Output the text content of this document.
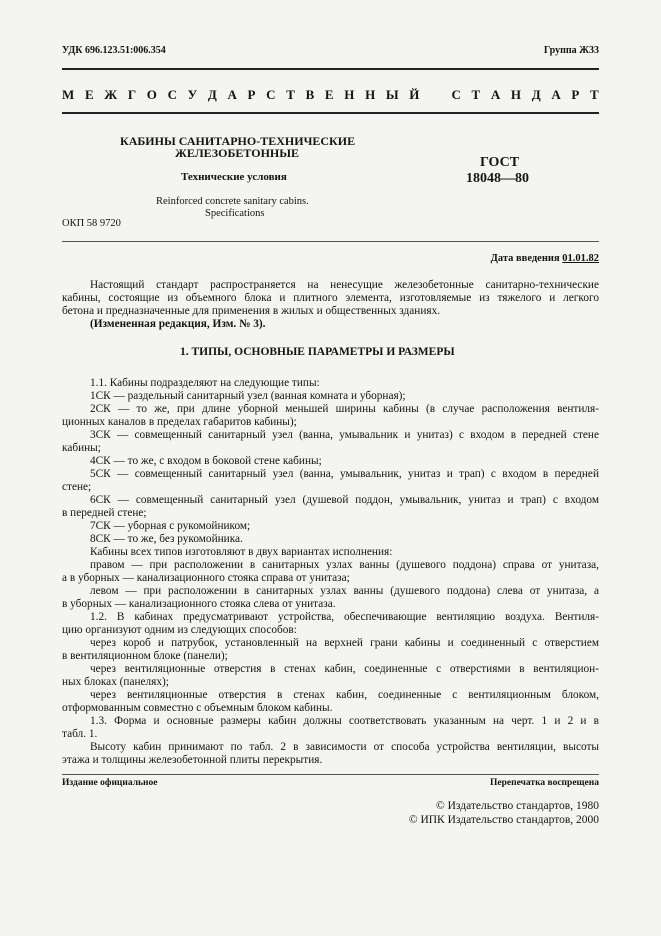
УДК 696.123.51:006.354	Группа Ж33
М Е Ж Г О С У Д А Р С Т В Е Н Н Ы Й С Т А Н Д А Р Т
КАБИНЫ САНИТАРНО-ТЕХНИЧЕСКИЕ
ЖЕЛЕЗОБЕТОННЫЕ
Технические условия
Reinforced concrete sanitary cabins.
Specifications
ОКП 58 9720
ГОСТ
18048—80
Дата введения 01.01.82
Настоящий стандарт распространяется на ненесущие железобетонные санитарно-технические
кабины, состоящие из объемного блока и плитного элемента, изготовляемые из тяжелого и легкого
бетона и предназначенные для применения в жилых и общественных зданиях.
(Измененная редакция, Изм. № 3).
1. ТИПЫ, ОСНОВНЫЕ ПАРАМЕТРЫ И РАЗМЕРЫ
1.1. Кабины подразделяют на следующие типы:
1СК — раздельный санитарный узел (ванная комната и уборная);
2СК — то же, при длине уборной меньшей ширины кабины (в случае расположения вентиля-
ционных каналов в пределах габаритов кабины);
3СК — совмещенный санитарный узел (ванна, умывальник и унитаз) с входом в передней стене
кабины;
4СК — то же, с входом в боковой стене кабины;
5СК — совмещенный санитарный узел (ванна, умывальник, унитаз и трап) с входом в передней
стене;
6СК — совмещенный санитарный узел (душевой поддон, умывальник, унитаз и трап) с входом
в передней стене;
7СК — уборная с рукомойником;
8СК — то же, без рукомойника.
Кабины всех типов изготовляют в двух вариантах исполнения:
правом — при расположении в санитарных узлах ванны (душевого поддона) справа от унитаза,
а в уборных — канализационного стояка справа от унитаза;
левом — при расположении в санитарных узлах ванны (душевого поддона) слева от унитаза, а
в уборных — канализационного стояка слева от унитаза.
1.2. В кабинах предусматривают устройства, обеспечивающие вентиляцию воздуха. Вентиля-
цию организуют одним из следующих способов:
через короб и патрубок, установленный на верхней грани кабины и соединенный с отверстием
в вентиляционном блоке (панели);
через вентиляционные отверстия в стенах кабин, соединенные с отверстиями в вентиляцион-
ных блоках (панелях);
через вентиляционные отверстия в стенах кабин, соединенные с вентиляционным блоком,
отформованным совместно с объемным блоком кабины.
1.3. Форма и основные размеры кабин должны соответствовать указанным на черт. 1 и 2 и в
табл. 1.
Высоту кабин принимают по табл. 2 в зависимости от способа устройства вентиляции, высоты
этажа и толщины железобетонной плиты перекрытия.
Издание официальное	Перепечатка воспрещена
© Издательство стандартов, 1980
© ИПК Издательство стандартов, 2000
